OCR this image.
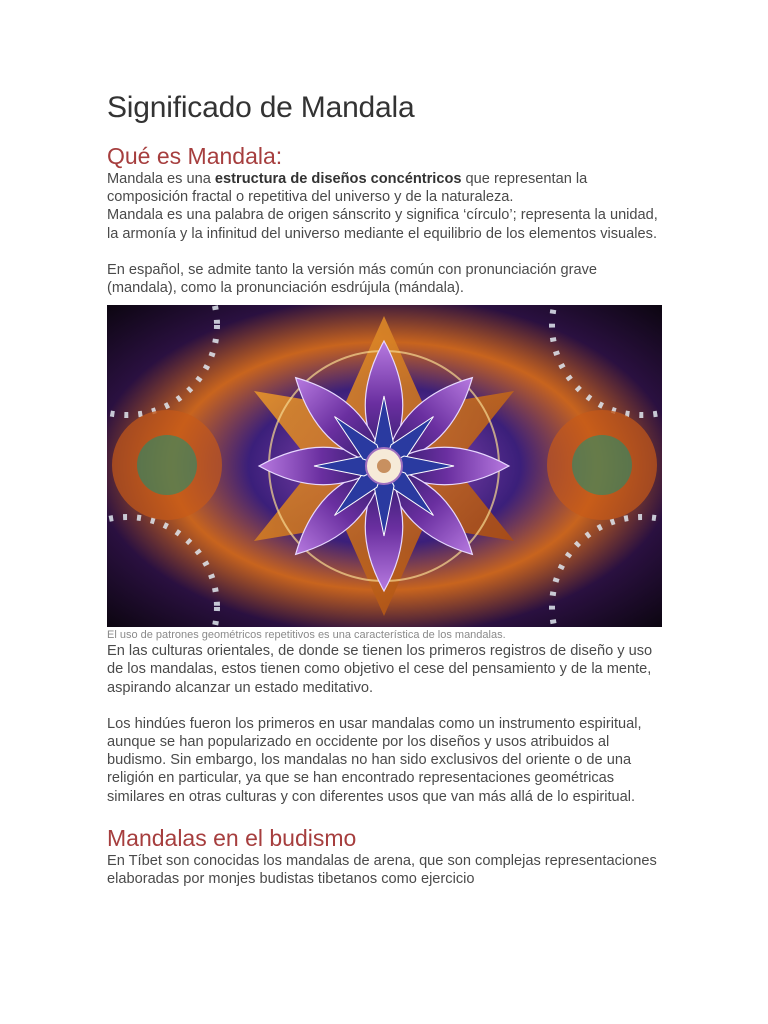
Significado de Mandala
Qué es Mandala:

Mandala es una estructura de diseños concéntricos que representan la composición fractal o repetitiva del universo y de la naturaleza.

Mandala es una palabra de origen sánscrito y significa ‘círculo’; representa la unidad, la armonía y la infinitud del universo mediante el equilibrio de los elementos visuales.

En español, se admite tanto la versión más común con pronunciación grave (mandala), como la pronunciación esdrújula (mándala).

El uso de patrones geométricos repetitivos es una característica de los mandalas.

En las culturas orientales, de donde se tienen los primeros registros de diseño y uso de los mandalas, estos tienen como objetivo el cese del pensamiento y de la mente, aspirando alcanzar un estado meditativo.

Los hindúes fueron los primeros en usar mandalas como un instrumento espiritual, aunque se han popularizado en occidente por los diseños y usos atribuidos al budismo. Sin embargo, los mandalas no han sido exclusivos del oriente o de una religión en particular, ya que se han encontrado representaciones geométricas similares en otras culturas y con diferentes usos que van más allá de lo espiritual.

Mandalas en el budismo

En Tíbet son conocidas los mandalas de arena, que son complejas representaciones elaboradas por monjes budistas tibetanos como ejercicio
